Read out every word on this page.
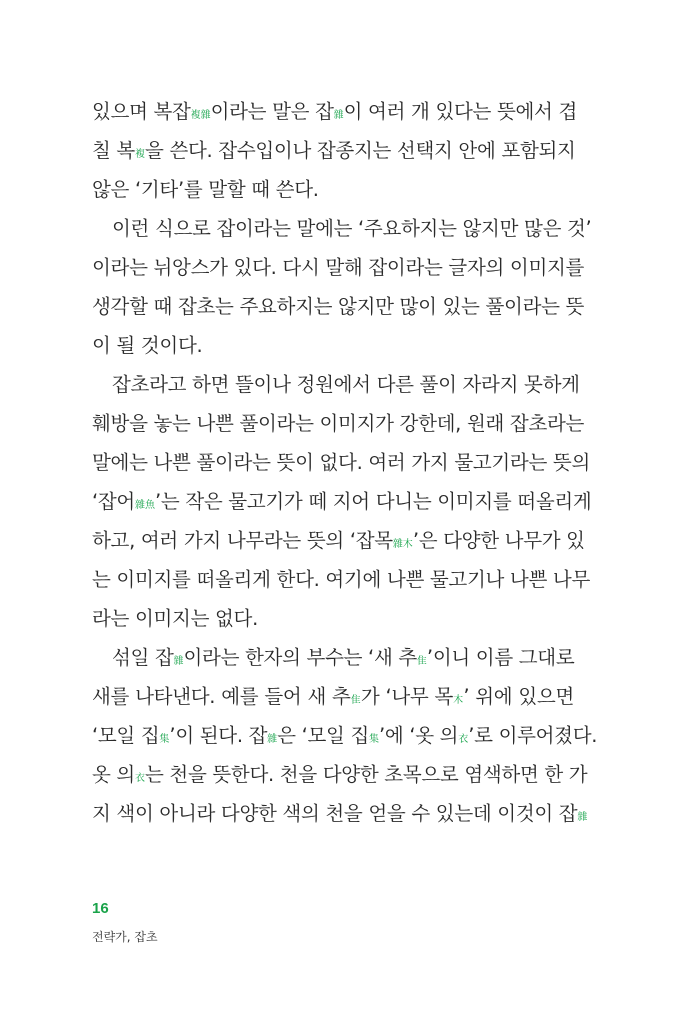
있으며 복잡複雜이라는 말은 잡雜이 여러 개 있다는 뜻에서 겹
칠 복複을 쓴다. 잡수입이나 잡종지는 선택지 안에 포함되지
않은 ‘기타’를 말할 때 쓴다.
이런 식으로 잡이라는 말에는 ‘주요하지는 않지만 많은 것’
이라는 뉘앙스가 있다. 다시 말해 잡이라는 글자의 이미지를
생각할 때 잡초는 주요하지는 않지만 많이 있는 풀이라는 뜻
이 될 것이다.
잡초라고 하면 뜰이나 정원에서 다른 풀이 자라지 못하게
훼방을 놓는 나쁜 풀이라는 이미지가 강한데, 원래 잡초라는
말에는 나쁜 풀이라는 뜻이 없다. 여러 가지 물고기라는 뜻의
‘잡어雜魚’는 작은 물고기가 떼 지어 다니는 이미지를 떠올리게
하고, 여러 가지 나무라는 뜻의 ‘잡목雜木’은 다양한 나무가 있
는 이미지를 떠올리게 한다. 여기에 나쁜 물고기나 나쁜 나무
라는 이미지는 없다.
섞일 잡雜이라는 한자의 부수는 ‘새 추隹’이니 이름 그대로
새를 나타낸다. 예를 들어 새 추隹가 ‘나무 목木’ 위에 있으면
‘모일 집集’이 된다. 잡雜은 ‘모일 집集’에 ‘옷 의衣’로 이루어졌다.
옷 의衣는 천을 뜻한다. 천을 다양한 초목으로 염색하면 한 가
지 색이 아니라 다양한 색의 천을 얻을 수 있는데 이것이 잡雜
16
전략가, 잡초
